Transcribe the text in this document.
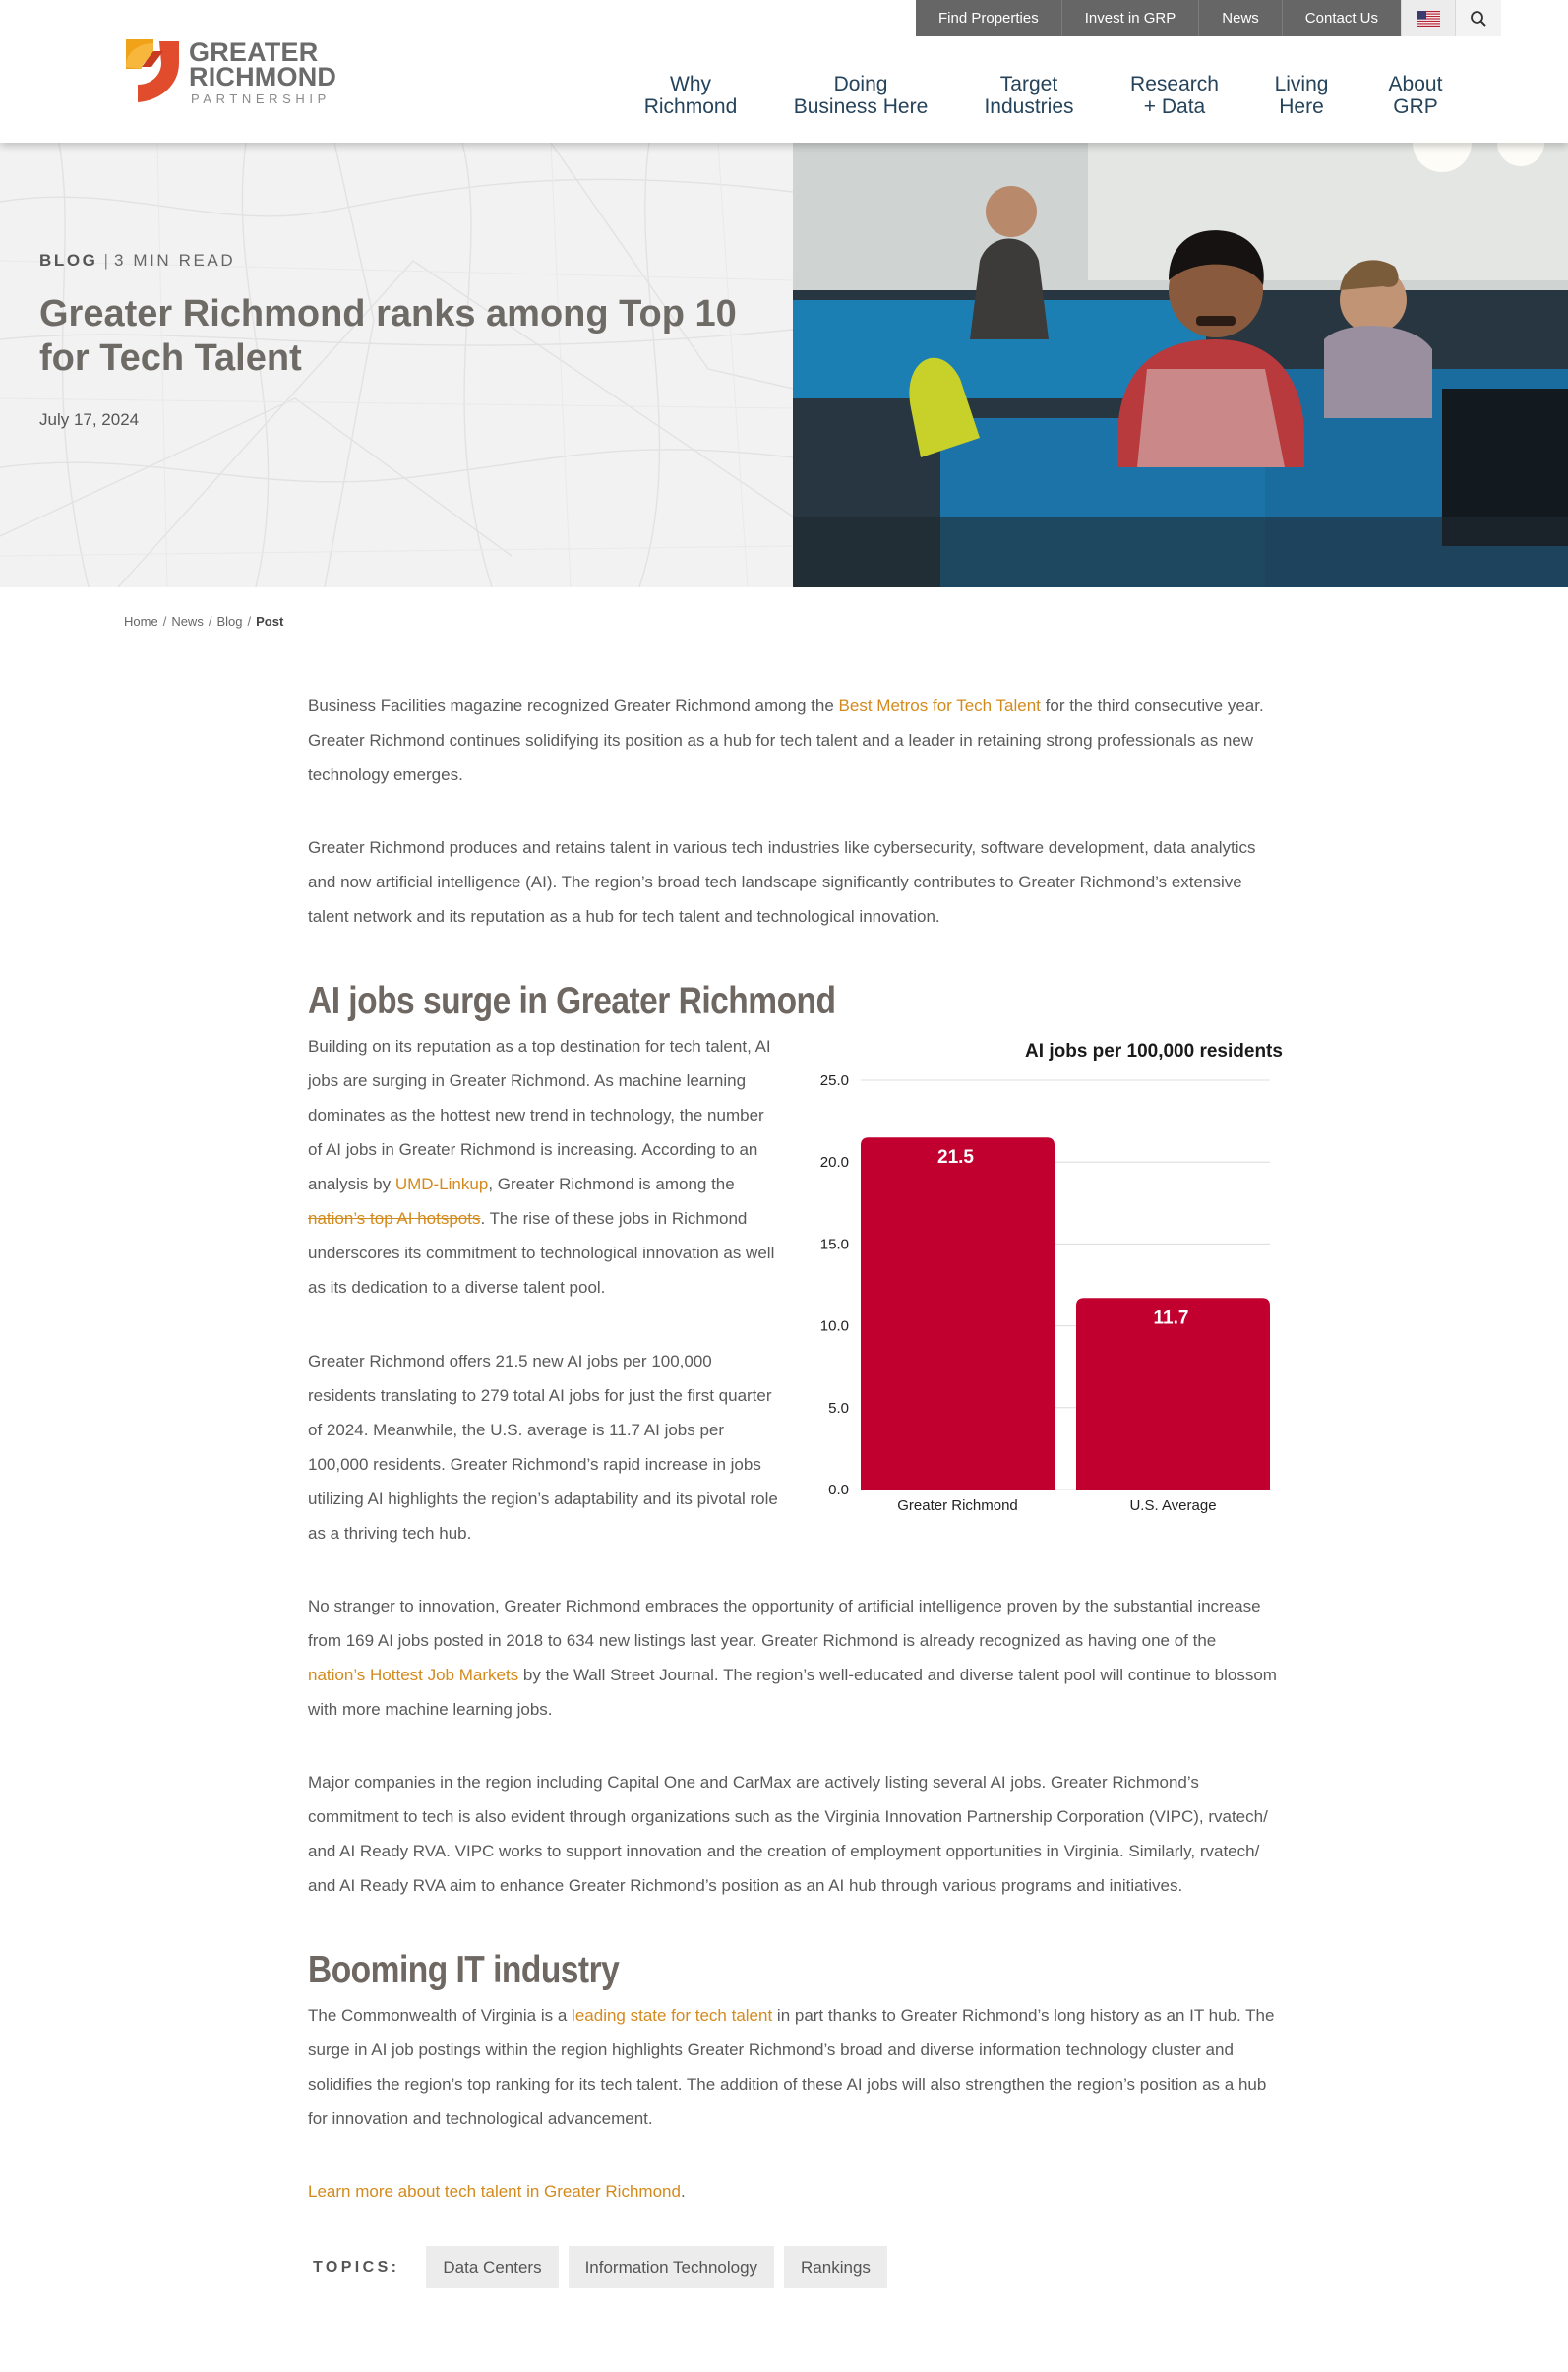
Find Properties	Invest in GRP	News	Contact Us
GREATER
RICHMOND
PARTNERSHIP
Why
Richmond
Doing
Business Here
Target
Industries
Research
+ Data
Living
Here
About
GRP
BLOG | 3 MIN READ
Greater Richmond ranks among Top 10 for Tech Talent
July 17, 2024
Home / News / Blog / Post

Business Facilities magazine recognized Greater Richmond among the Best Metros for Tech Talent for the third consecutive year. Greater Richmond continues solidifying its position as a hub for tech talent and a leader in retaining strong professionals as new technology emerges.

Greater Richmond produces and retains talent in various tech industries like cybersecurity, software development, data analytics and now artificial intelligence (AI). The region’s broad tech landscape significantly contributes to Greater Richmond’s extensive talent network and its reputation as a hub for tech talent and technological innovation.

AI jobs surge in Greater Richmond

Building on its reputation as a top destination for tech talent, AI jobs are surging in Greater Richmond. As machine learning dominates as the hottest new trend in technology, the number of AI jobs in Greater Richmond is increasing. According to an analysis by UMD-Linkup, Greater Richmond is among the nation’s top AI hotspots. The rise of these jobs in Richmond underscores its commitment to technological innovation as well as its dedication to a diverse talent pool.

Greater Richmond offers 21.5 new AI jobs per 100,000 residents translating to 279 total AI jobs for just the first quarter of 2024. Meanwhile, the U.S. average is 11.7 AI jobs per 100,000 residents. Greater Richmond’s rapid increase in jobs utilizing AI highlights the region’s adaptability and its pivotal role as a thriving tech hub.

AI jobs per 100,000 residents
0.0
5.0
10.0
15.0
20.0
25.0
21.5
Greater Richmond
11.7
U.S. Average

No stranger to innovation, Greater Richmond embraces the opportunity of artificial intelligence proven by the substantial increase from 169 AI jobs posted in 2018 to 634 new listings last year. Greater Richmond is already recognized as having one of the nation’s Hottest Job Markets by the Wall Street Journal. The region’s well-educated and diverse talent pool will continue to blossom with more machine learning jobs.

Major companies in the region including Capital One and CarMax are actively listing several AI jobs. Greater Richmond’s commitment to tech is also evident through organizations such as the Virginia Innovation Partnership Corporation (VIPC), rvatech/ and AI Ready RVA. VIPC works to support innovation and the creation of employment opportunities in Virginia. Similarly, rvatech/ and AI Ready RVA aim to enhance Greater Richmond’s position as an AI hub through various programs and initiatives.

Booming IT industry

The Commonwealth of Virginia is a leading state for tech talent in part thanks to Greater Richmond’s long history as an IT hub. The surge in AI job postings within the region highlights Greater Richmond’s broad and diverse information technology cluster and solidifies the region’s top ranking for its tech talent. The addition of these AI jobs will also strengthen the region’s position as a hub for innovation and technological advancement.

Learn more about tech talent in Greater Richmond.

TOPICS:	Data Centers	Information Technology	Rankings
